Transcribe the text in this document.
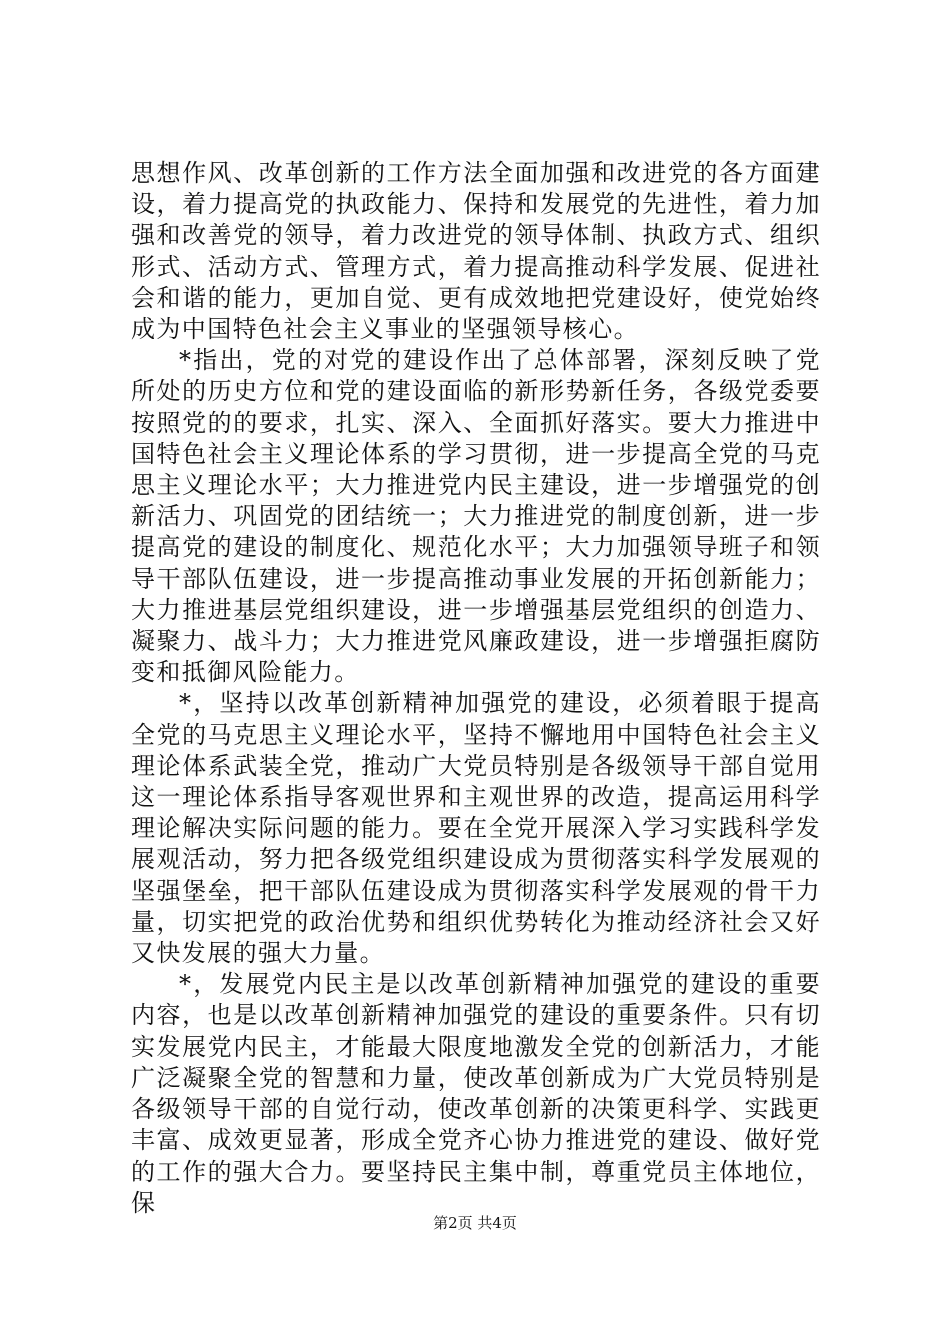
思想作风、改革创新的工作方法全面加强和改进党的各方面建设，着力提高党的执政能力、保持和发展党的先进性，着力加强和改善党的领导，着力改进党的领导体制、执政方式、组织形式、活动方式、管理方式，着力提高推动科学发展、促进社会和谐的能力，更加自觉、更有成效地把党建设好，使党始终成为中国特色社会主义事业的坚强领导核心。

*指出，党的对党的建设作出了总体部署，深刻反映了党所处的历史方位和党的建设面临的新形势新任务，各级党委要按照党的的要求，扎实、深入、全面抓好落实。要大力推进中国特色社会主义理论体系的学习贯彻，进一步提高全党的马克思主义理论水平；大力推进党内民主建设，进一步增强党的创新活力、巩固党的团结统一；大力推进党的制度创新，进一步提高党的建设的制度化、规范化水平；大力加强领导班子和领导干部队伍建设，进一步提高推动事业发展的开拓创新能力；大力推进基层党组织建设，进一步增强基层党组织的创造力、凝聚力、战斗力；大力推进党风廉政建设，进一步增强拒腐防变和抵御风险能力。

*，坚持以改革创新精神加强党的建设，必须着眼于提高全党的马克思主义理论水平，坚持不懈地用中国特色社会主义理论体系武装全党，推动广大党员特别是各级领导干部自觉用这一理论体系指导客观世界和主观世界的改造，提高运用科学理论解决实际问题的能力。要在全党开展深入学习实践科学发展观活动，努力把各级党组织建设成为贯彻落实科学发展观的坚强堡垒，把干部队伍建设成为贯彻落实科学发展观的骨干力量，切实把党的政治优势和组织优势转化为推动经济社会又好又快发展的强大力量。

*，发展党内民主是以改革创新精神加强党的建设的重要内容，也是以改革创新精神加强党的建设的重要条件。只有切实发展党内民主，才能最大限度地激发全党的创新活力，才能广泛凝聚全党的智慧和力量，使改革创新成为广大党员特别是各级领导干部的自觉行动，使改革创新的决策更科学、实践更丰富、成效更显著，形成全党齐心协力推进党的建设、做好党的工作的强大合力。要坚持民主集中制，尊重党员主体地位，保

第2页 共4页
